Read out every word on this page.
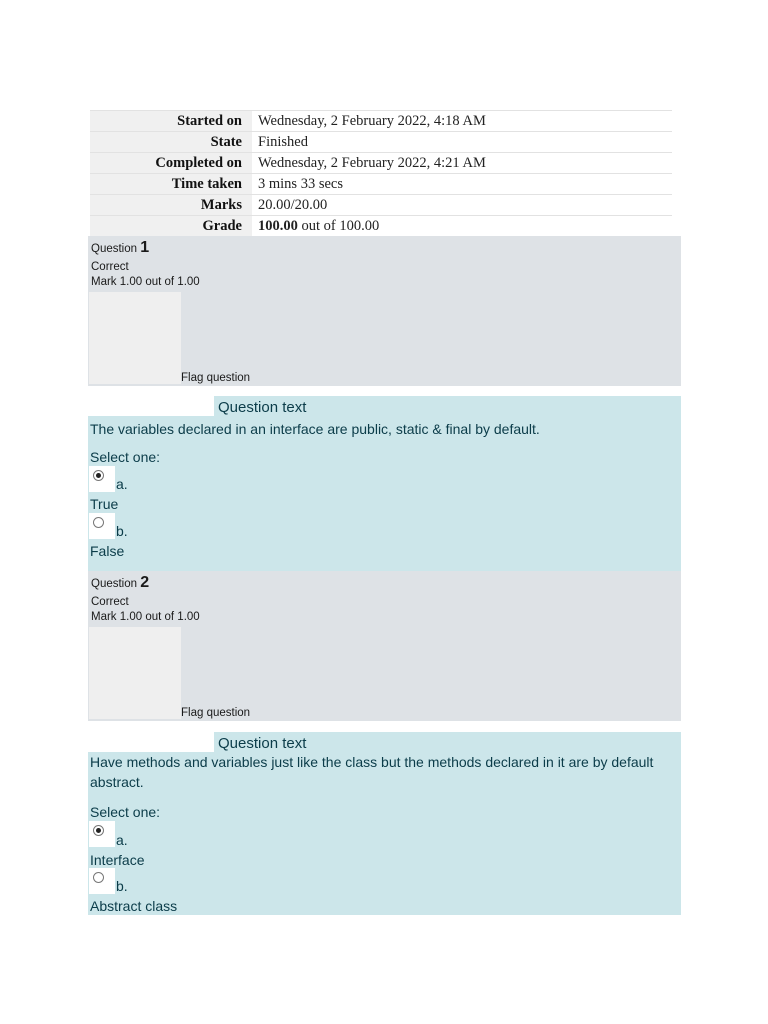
Started on	Wednesday, 2 February 2022, 4:18 AM
State	Finished
Completed on	Wednesday, 2 February 2022, 4:21 AM
Time taken	3 mins 33 secs
Marks	20.00/20.00
Grade	100.00 out of 100.00
Question 1
Correct
Mark 1.00 out of 1.00
Flag question
Question text
The variables declared in an interface are public, static & final by default.
Select one:
a.
True
b.
False
Question 2
Correct
Mark 1.00 out of 1.00
Flag question
Question text
Have methods and variables just like the class but the methods declared in it are by default abstract.
Select one:
a.
Interface
b.
Abstract class
